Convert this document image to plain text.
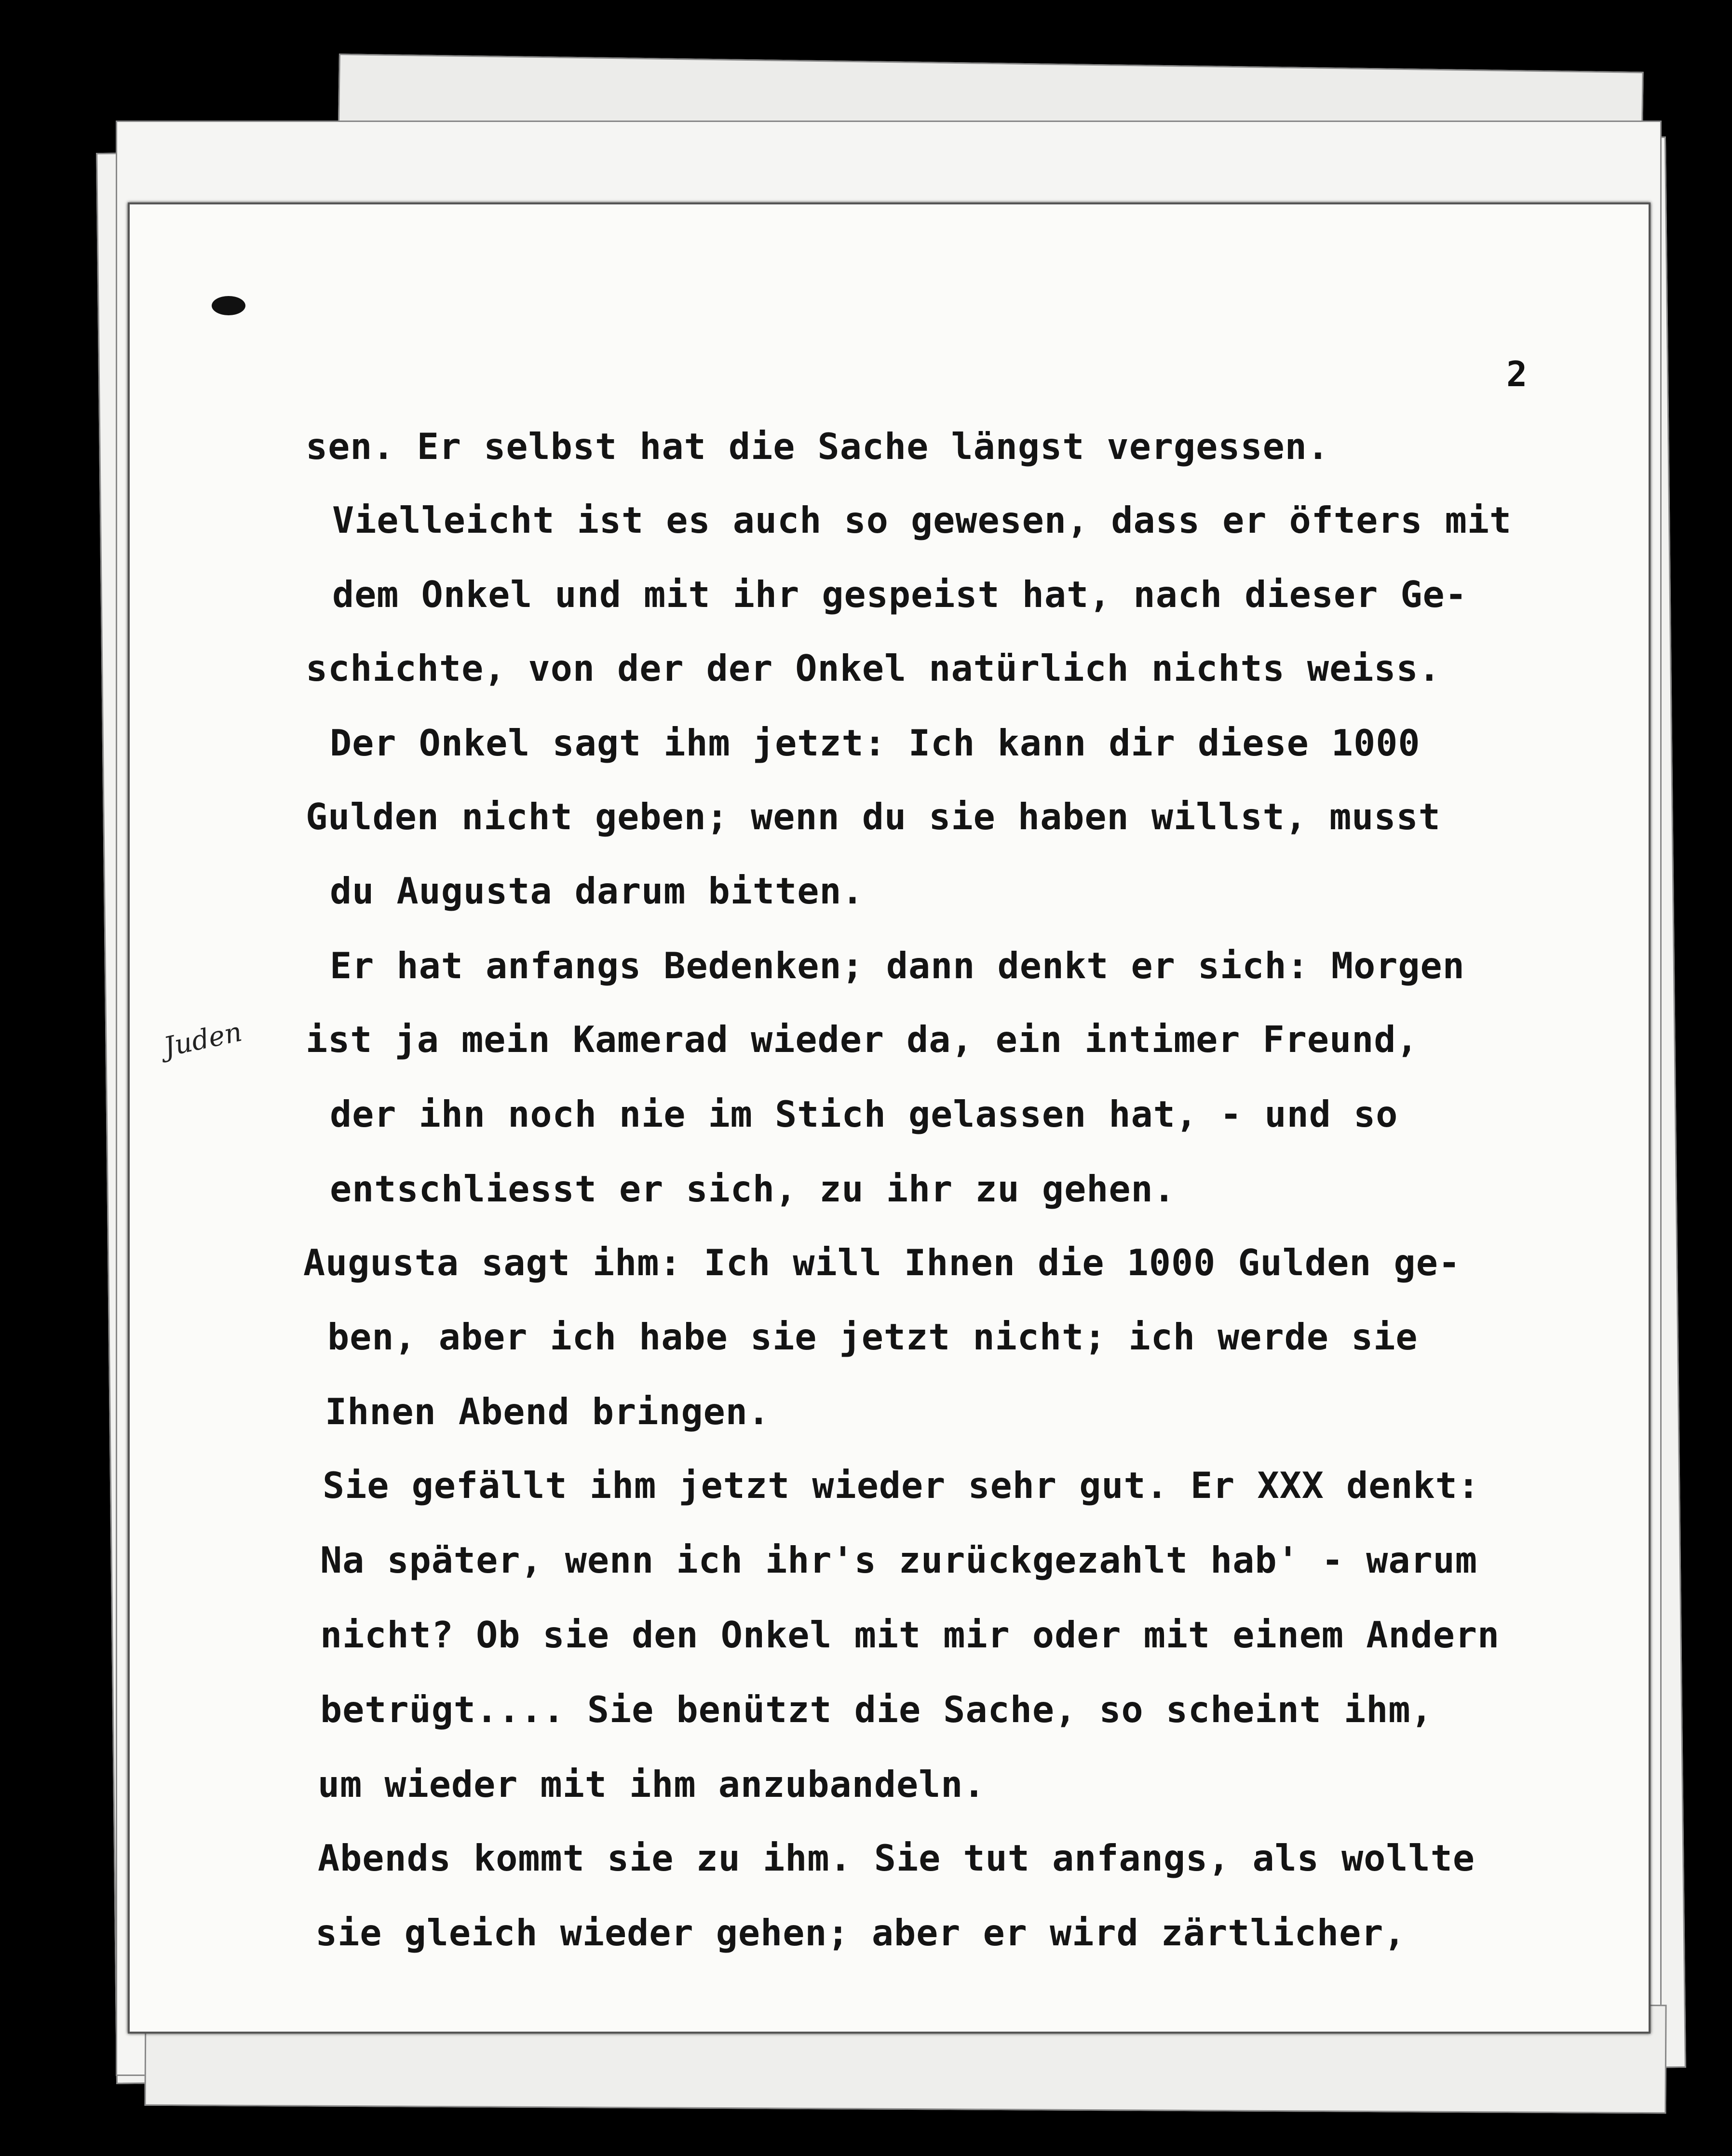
2
sen. Er selbst hat die Sache längst vergessen.
Vielleicht ist es auch so gewesen, dass er öfters mit
dem Onkel und mit ihr gespeist hat, nach dieser Ge-
schichte, von der der Onkel natürlich nichts weiss.
Der Onkel sagt ihm jetzt: Ich kann dir diese 1000
Gulden nicht geben; wenn du sie haben willst, musst
du Augusta darum bitten.
Er hat anfangs Bedenken; dann denkt er sich: Morgen
ist ja mein Kamerad wieder da, ein intimer Freund,
der ihn noch nie im Stich gelassen hat, - und so
entschliesst er sich, zu ihr zu gehen.
Augusta sagt ihm: Ich will Ihnen die 1000 Gulden ge-
ben, aber ich habe sie jetzt nicht; ich werde sie
Ihnen Abend bringen.
Sie gefällt ihm jetzt wieder sehr gut. Er XXX denkt:
Na später, wenn ich ihr's zurückgezahlt hab' - warum
nicht? Ob sie den Onkel mit mir oder mit einem Andern
betrügt.... Sie benützt die Sache, so scheint ihm,
um wieder mit ihm anzubandeln.
Abends kommt sie zu ihm. Sie tut anfangs, als wollte
sie gleich wieder gehen; aber er wird zärtlicher,
Juden
